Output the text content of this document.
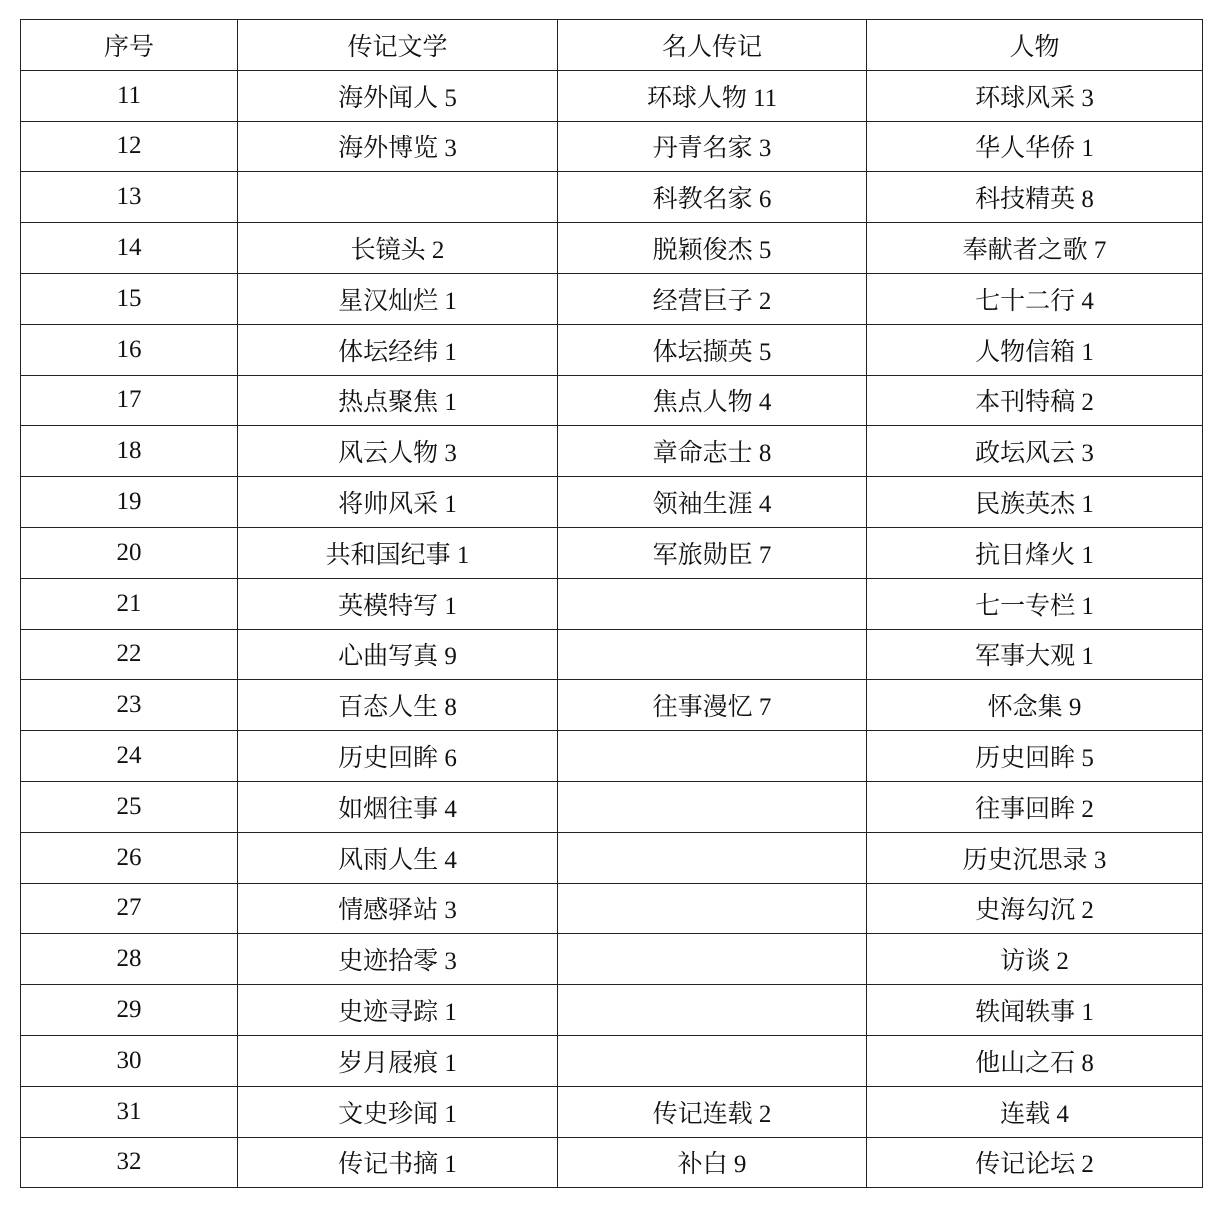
序号	传记文学	名人传记	人物
11	海外闻人 5	环球人物 11	环球风采 3
12	海外博览 3	丹青名家 3	华人华侨 1
13		科教名家 6	科技精英 8
14	长镜头 2	脱颖俊杰 5	奉献者之歌 7
15	星汉灿烂 1	经营巨子 2	七十二行 4
16	体坛经纬 1	体坛撷英 5	人物信箱 1
17	热点聚焦 1	焦点人物 4	本刊特稿 2
18	风云人物 3	章命志士 8	政坛风云 3
19	将帅风采 1	领袖生涯 4	民族英杰 1
20	共和国纪事 1	军旅勋臣 7	抗日烽火 1
21	英模特写 1		七一专栏 1
22	心曲写真 9		军事大观 1
23	百态人生 8	往事漫忆 7	怀念集 9
24	历史回眸 6		历史回眸 5
25	如烟往事 4		往事回眸 2
26	风雨人生 4		历史沉思录 3
27	情感驿站 3		史海勾沉 2
28	史迹拾零 3		访谈 2
29	史迹寻踪 1		轶闻轶事 1
30	岁月屐痕 1		他山之石 8
31	文史珍闻 1	传记连载 2	连载 4
32	传记书摘 1	补白 9	传记论坛 2
